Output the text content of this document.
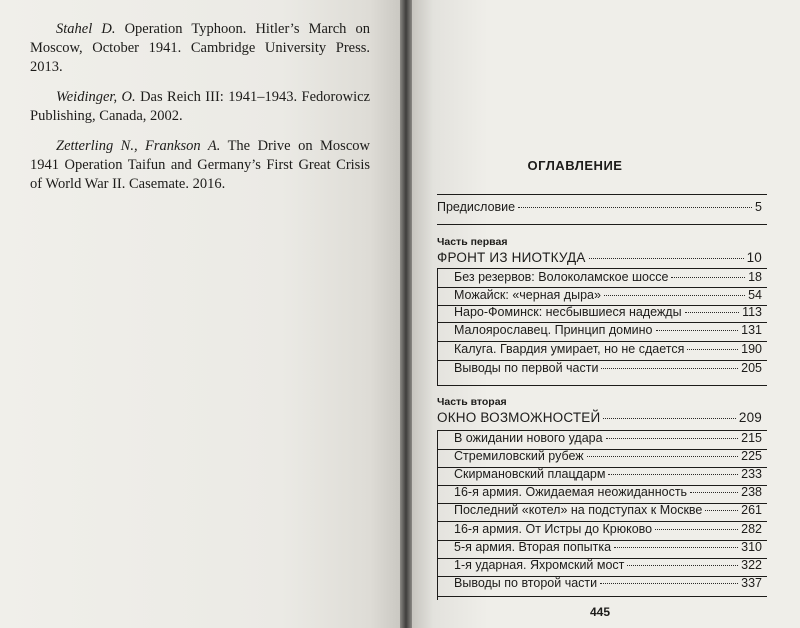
Stahel D. Operation Typhoon. Hitler’s March on Moscow, October 1941. Cambridge University Press. 2013.

Weidinger, O. Das Reich III: 1941–1943. Fedorowicz Publishing, Canada, 2002.

Zetterling N., Frankson A. The Drive on Moscow 1941 Operation Taifun and Germany’s First Great Crisis of World War II. Casemate. 2016.

ОГЛАВЛЕНИЕ
Предисловие	5
Часть первая
ФРОНТ ИЗ НИОТКУДА	10
Без резервов: Волоколамское шоссе	18
Можайск: «черная дыра»	54
Наро-Фоминск: несбывшиеся надежды	113
Малоярославец. Принцип домино	131
Калуга. Гвардия умирает, но не сдается	190
Выводы по первой части	205
Часть вторая
ОКНО ВОЗМОЖНОСТЕЙ	209
В ожидании нового удара	215
Стремиловский рубеж	225
Скирмановский плацдарм	233
16-я армия. Ожидаемая неожиданность	238
Последний «котел» на подступах к Москве	261
16-я армия. От Истры до Крюково	282
5-я армия. Вторая попытка	310
1-я ударная. Яхромский мост	322
Выводы по второй части	337
445
